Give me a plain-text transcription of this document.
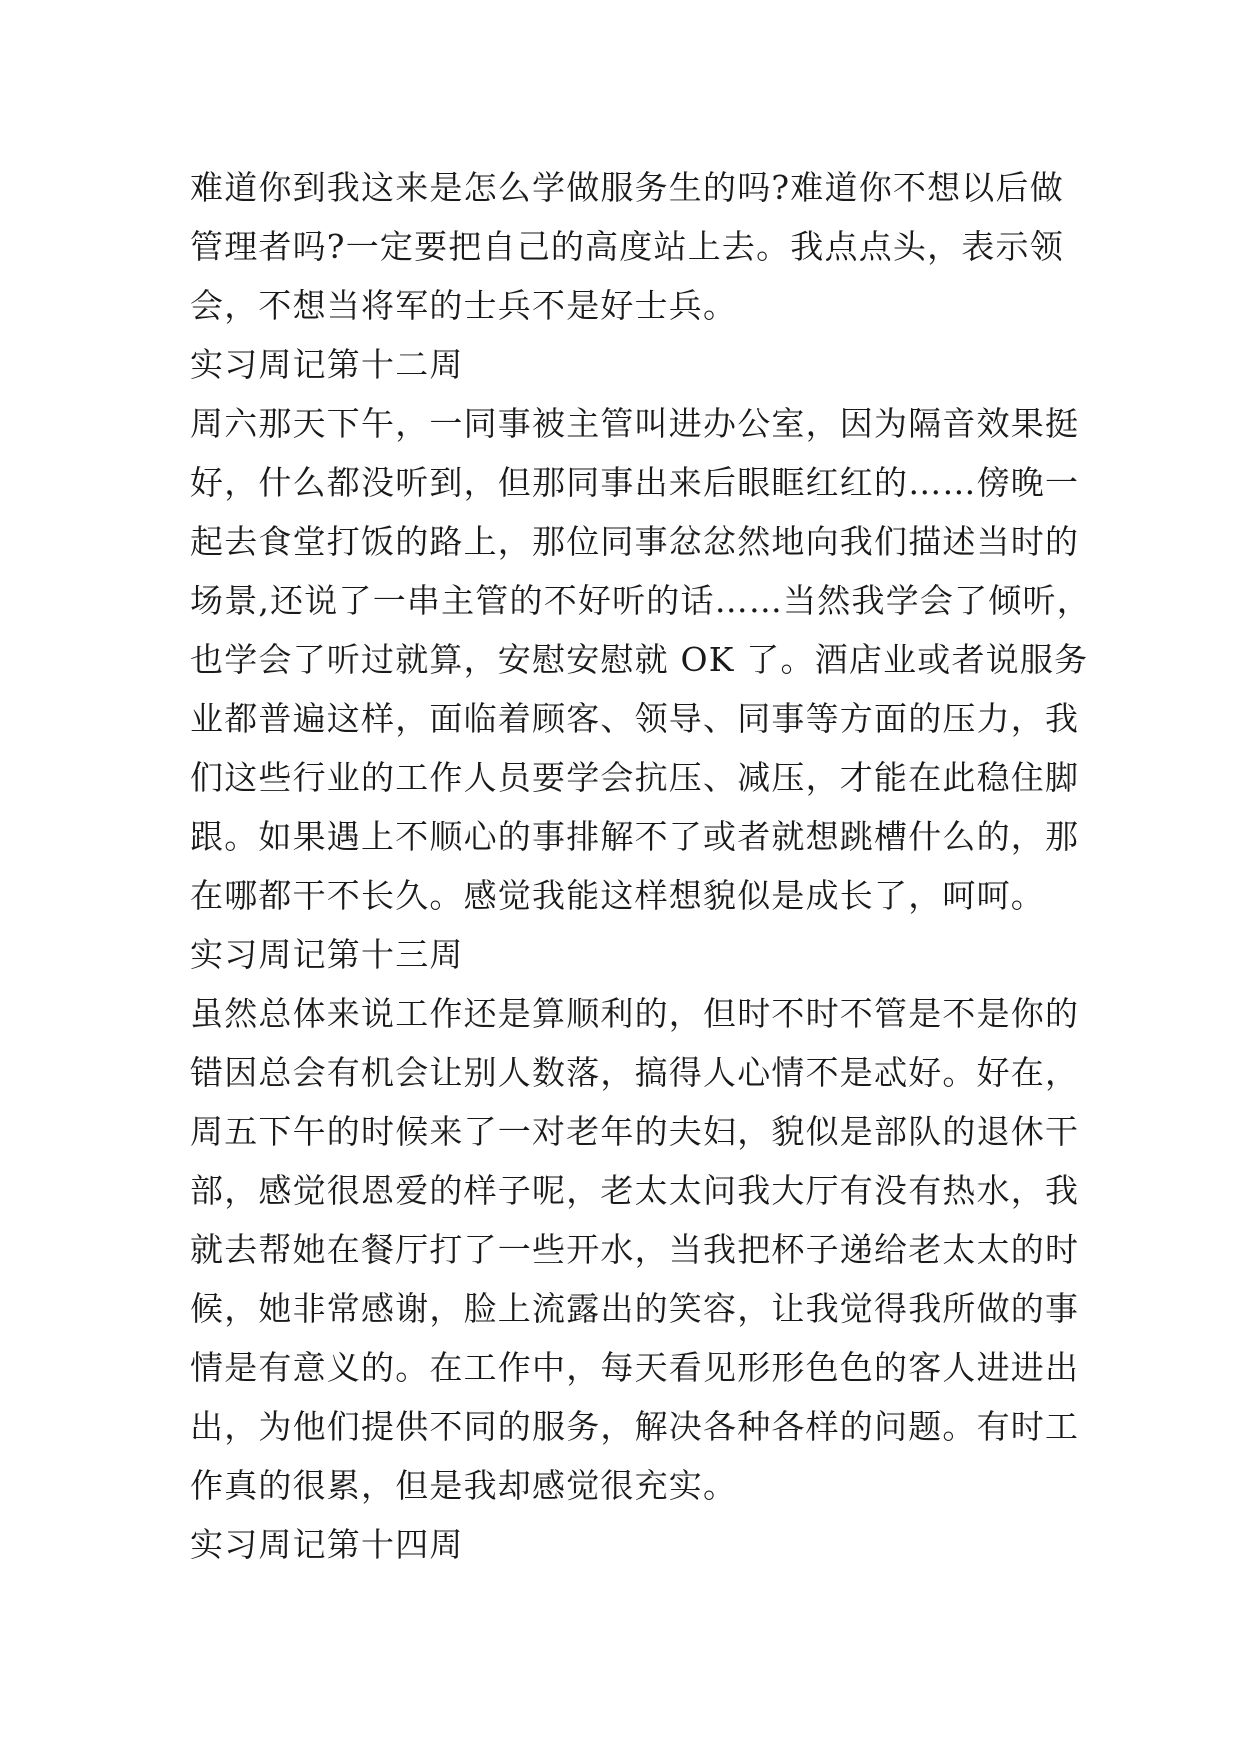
难道你到我这来是怎么学做服务生的吗?难道你不想以后做
管理者吗?一定要把自己的高度站上去。我点点头，表示领
会，不想当将军的士兵不是好士兵。
实习周记第十二周
周六那天下午，一同事被主管叫进办公室，因为隔音效果挺
好，什么都没听到，但那同事出来后眼眶红红的……傍晚一
起去食堂打饭的路上，那位同事忿忿然地向我们描述当时的
场景,还说了一串主管的不好听的话……当然我学会了倾听，
也学会了听过就算，安慰安慰就 OK 了。酒店业或者说服务
业都普遍这样，面临着顾客、领导、同事等方面的压力，我
们这些行业的工作人员要学会抗压、减压，才能在此稳住脚
跟。如果遇上不顺心的事排解不了或者就想跳槽什么的，那
在哪都干不长久。感觉我能这样想貌似是成长了，呵呵。
实习周记第十三周
虽然总体来说工作还是算顺利的，但时不时不管是不是你的
错因总会有机会让别人数落，搞得人心情不是忒好。好在，
周五下午的时候来了一对老年的夫妇，貌似是部队的退休干
部，感觉很恩爱的样子呢，老太太问我大厅有没有热水，我
就去帮她在餐厅打了一些开水，当我把杯子递给老太太的时
候，她非常感谢，脸上流露出的笑容，让我觉得我所做的事
情是有意义的。在工作中，每天看见形形色色的客人进进出
出，为他们提供不同的服务，解决各种各样的问题。有时工
作真的很累，但是我却感觉很充实。
实习周记第十四周
